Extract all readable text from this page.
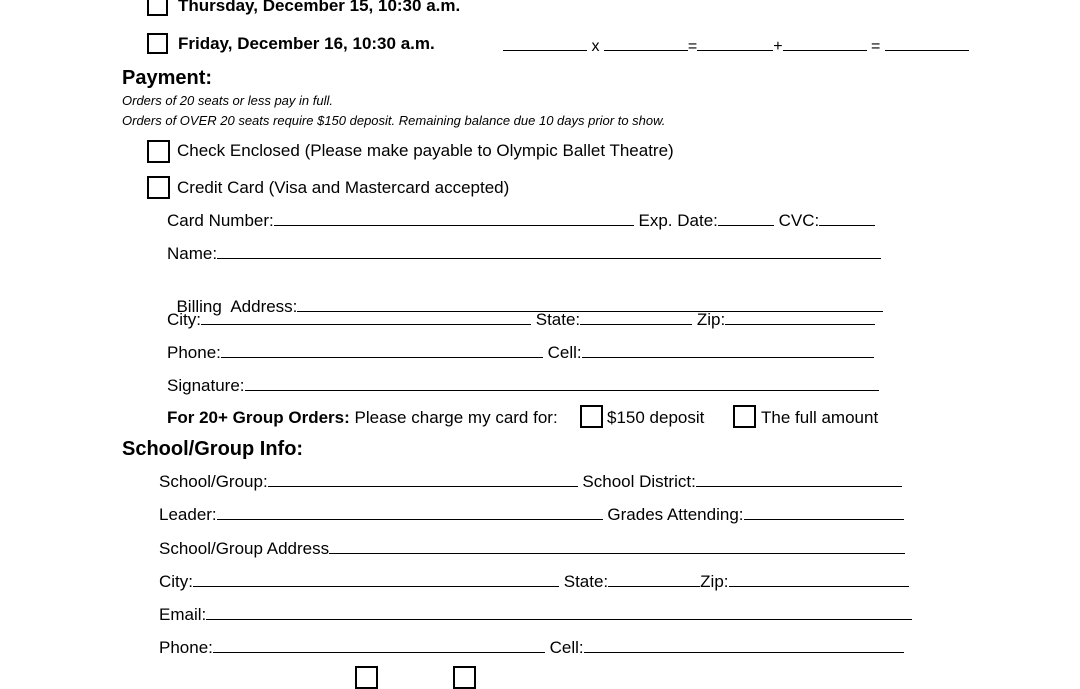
Thursday, December 15, 10:30 a.m.
Friday, December 16, 10:30 a.m.	x	=	+	=
Payment:
Orders of 20 seats or less pay in full.
Orders of OVER 20 seats require $150 deposit. Remaining balance due 10 days prior to show.
Check Enclosed (Please make payable to Olympic Ballet Theatre)
Credit Card (Visa and Mastercard accepted)
Card Number:	Exp. Date:	CVC:
Name:

Billing  Address:

City:	State:	Zip:
Phone:	Cell:
Signature:
For 20+ Group Orders: Please charge my card for:	$150 deposit	The full amount
School/Group Info:
School/Group:	School District:
Leader:	Grades Attending:
School/Group Address
City:	State:	Zip:
Email:
Phone:	Cell:
